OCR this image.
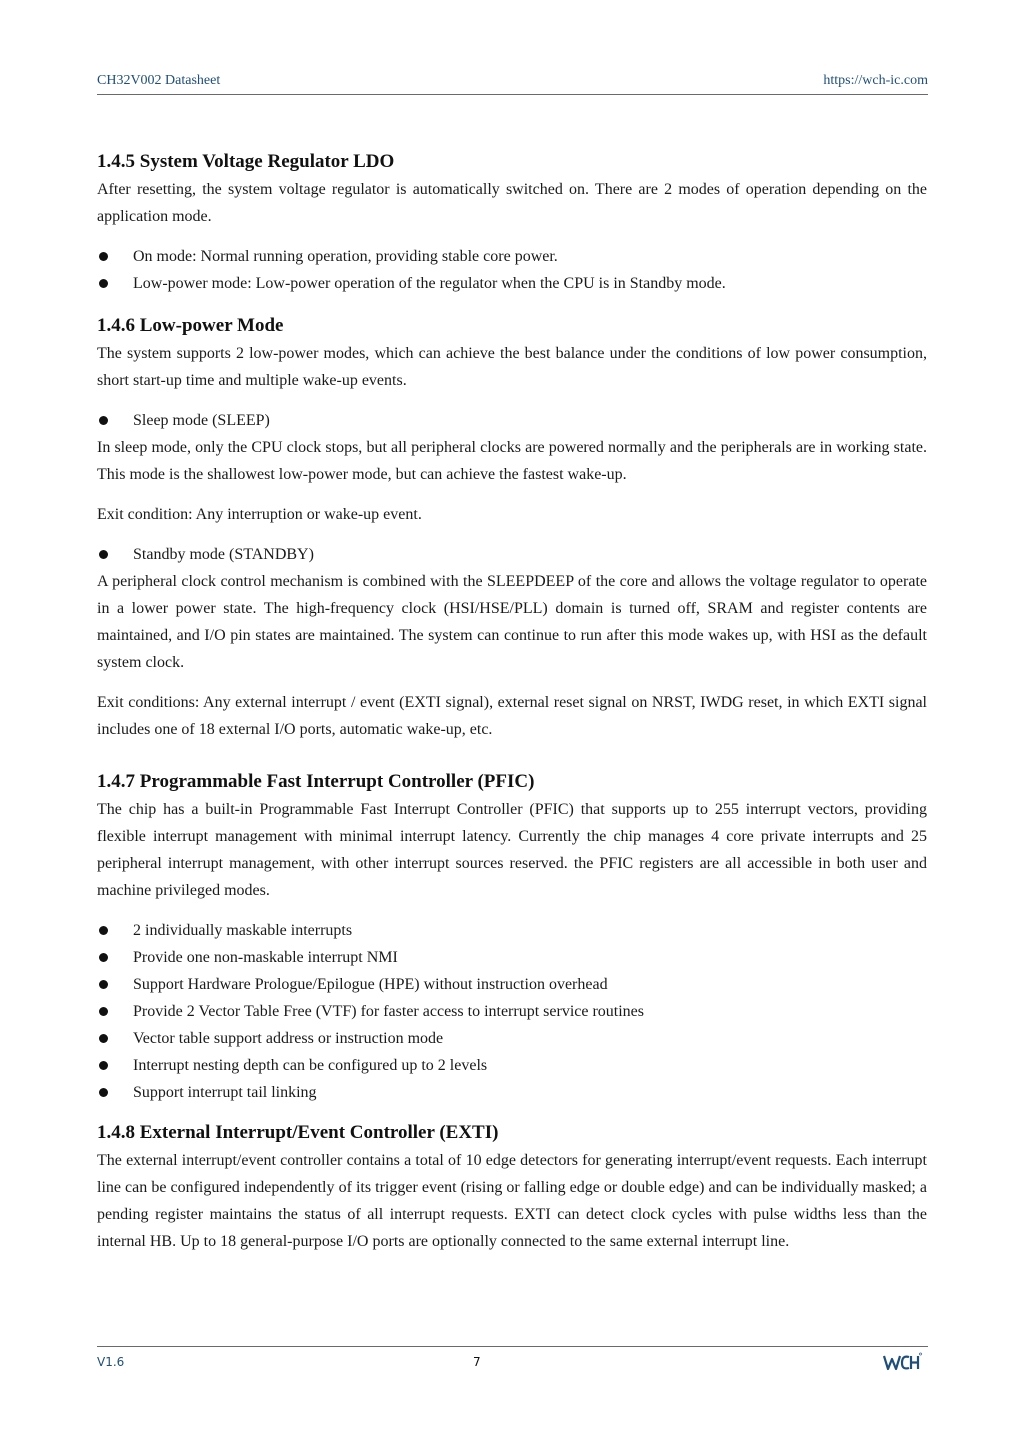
CH32V002 Datasheet	https://wch-ic.com
1.4.5 System Voltage Regulator LDO

After resetting, the system voltage regulator is automatically switched on. There are 2 modes of operation depending on the application mode.

On mode: Normal running operation, providing stable core power.
Low-power mode: Low-power operation of the regulator when the CPU is in Standby mode.
1.4.6 Low-power Mode

The system supports 2 low-power modes, which can achieve the best balance under the conditions of low power consumption, short start-up time and multiple wake-up events.

Sleep mode (SLEEP)

In sleep mode, only the CPU clock stops, but all peripheral clocks are powered normally and the peripherals are in working state. This mode is the shallowest low-power mode, but can achieve the fastest wake-up.

Exit condition: Any interruption or wake-up event.

Standby mode (STANDBY)

A peripheral clock control mechanism is combined with the SLEEPDEEP of the core and allows the voltage regulator to operate in a lower power state. The high-frequency clock (HSI/HSE/PLL) domain is turned off, SRAM and register contents are maintained, and I/O pin states are maintained. The system can continue to run after this mode wakes up, with HSI as the default system clock.

Exit conditions: Any external interrupt / event (EXTI signal), external reset signal on NRST, IWDG reset, in which EXTI signal includes one of 18 external I/O ports, automatic wake-up, etc.

1.4.7 Programmable Fast Interrupt Controller (PFIC)

The chip has a built-in Programmable Fast Interrupt Controller (PFIC) that supports up to 255 interrupt vectors, providing flexible interrupt management with minimal interrupt latency. Currently the chip manages 4 core private interrupts and 25 peripheral interrupt management, with other interrupt sources reserved. the PFIC registers are all accessible in both user and machine privileged modes.

2 individually maskable interrupts
Provide one non-maskable interrupt NMI
Support Hardware Prologue/Epilogue (HPE) without instruction overhead
Provide 2 Vector Table Free (VTF) for faster access to interrupt service routines
Vector table support address or instruction mode
Interrupt nesting depth can be configured up to 2 levels
Support interrupt tail linking
1.4.8 External Interrupt/Event Controller (EXTI)

The external interrupt/event controller contains a total of 10 edge detectors for generating interrupt/event requests. Each interrupt line can be configured independently of its trigger event (rising or falling edge or double edge) and can be individually masked; a pending register maintains the status of all interrupt requests. EXTI can detect clock cycles with pulse widths less than the internal HB. Up to 18 general-purpose I/O ports are optionally connected to the same external interrupt line.

V1.6	7
